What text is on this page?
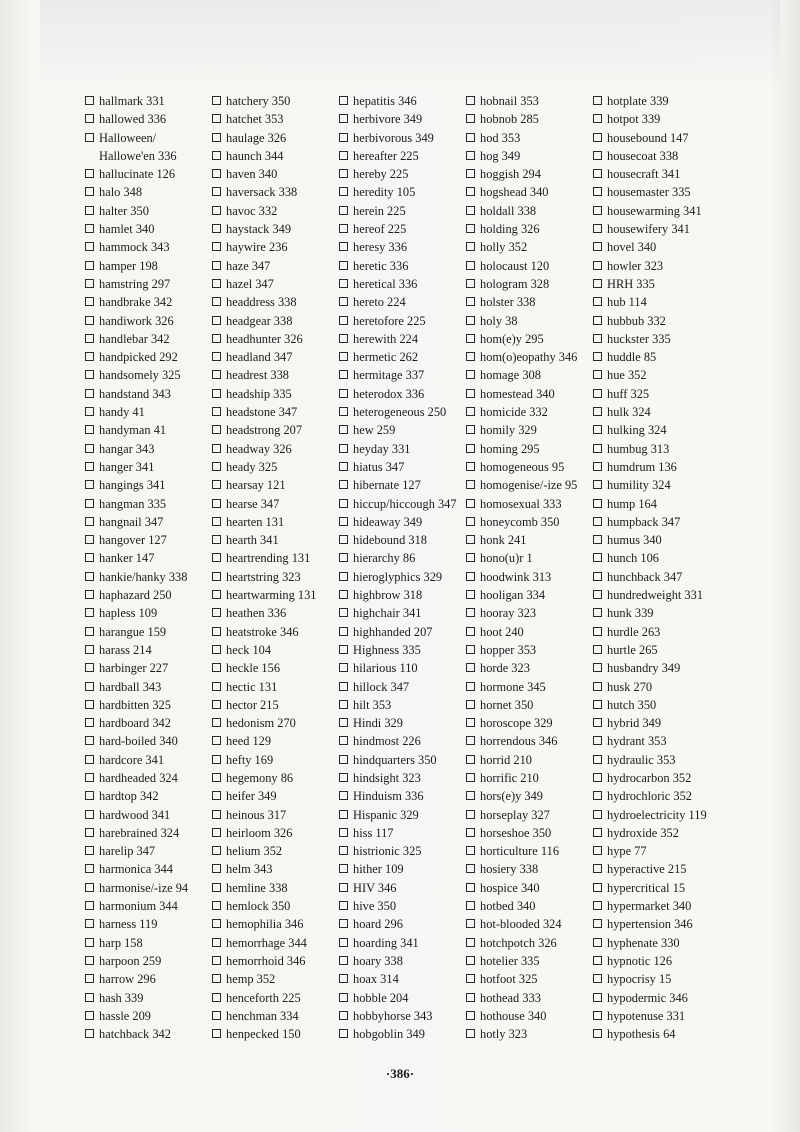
hallmark 331
hallowed 336
Halloween/
Hallowe'en 336
hallucinate 126
halo 348
halter 350
hamlet 340
hammock 343
hamper 198
hamstring 297
handbrake 342
handiwork 326
handlebar 342
handpicked 292
handsomely 325
handstand 343
handy 41
handyman 41
hangar 343
hanger 341
hangings 341
hangman 335
hangnail 347
hangover 127
hanker 147
hankie/hanky 338
haphazard 250
hapless 109
harangue 159
harass 214
harbinger 227
hardball 343
hardbitten 325
hardboard 342
hard-boiled 340
hardcore 341
hardheaded 324
hardtop 342
hardwood 341
harebrained 324
harelip 347
harmonica 344
harmonise/-ize 94
harmonium 344
harness 119
harp 158
harpoon 259
harrow 296
hash 339
hassle 209
hatchback 342
hatchery 350
hatchet 353
haulage 326
haunch 344
haven 340
haversack 338
havoc 332
haystack 349
haywire 236
haze 347
hazel 347
headdress 338
headgear 338
headhunter 326
headland 347
headrest 338
headship 335
headstone 347
headstrong 207
headway 326
heady 325
hearsay 121
hearse 347
hearten 131
hearth 341
heartrending 131
heartstring 323
heartwarming 131
heathen 336
heatstroke 346
heck 104
heckle 156
hectic 131
hector 215
hedonism 270
heed 129
hefty 169
hegemony 86
heifer 349
heinous 317
heirloom 326
helium 352
helm 343
hemline 338
hemlock 350
hemophilia 346
hemorrhage 344
hemorrhoid 346
hemp 352
henceforth 225
henchman 334
henpecked 150
hepatitis 346
herbivore 349
herbivorous 349
hereafter 225
hereby 225
heredity 105
herein 225
hereof 225
heresy 336
heretic 336
heretical 336
hereto 224
heretofore 225
herewith 224
hermetic 262
hermitage 337
heterodox 336
heterogeneous 250
hew 259
heyday 331
hiatus 347
hibernate 127
hiccup/hiccough 347
hideaway 349
hidebound 318
hierarchy 86
hieroglyphics 329
highbrow 318
highchair 341
highhanded 207
Highness 335
hilarious 110
hillock 347
hilt 353
Hindi 329
hindmost 226
hindquarters 350
hindsight 323
Hinduism 336
Hispanic 329
hiss 117
histrionic 325
hither 109
HIV 346
hive 350
hoard 296
hoarding 341
hoary 338
hoax 314
hobble 204
hobbyhorse 343
hobgoblin 349
hobnail 353
hobnob 285
hod 353
hog 349
hoggish 294
hogshead 340
holdall 338
holding 326
holly 352
holocaust 120
hologram 328
holster 338
holy 38
hom(e)y 295
hom(o)eopathy 346
homage 308
homestead 340
homicide 332
homily 329
homing 295
homogeneous 95
homogenise/-ize 95
homosexual 333
honeycomb 350
honk 241
hono(u)r 1
hoodwink 313
hooligan 334
hooray 323
hoot 240
hopper 353
horde 323
hormone 345
hornet 350
horoscope 329
horrendous 346
horrid 210
horrific 210
hors(e)y 349
horseplay 327
horseshoe 350
horticulture 116
hosiery 338
hospice 340
hotbed 340
hot-blooded 324
hotchpotch 326
hotelier 335
hotfoot 325
hothead 333
hothouse 340
hotly 323
hotplate 339
hotpot 339
housebound 147
housecoat 338
housecraft 341
housemaster 335
housewarming 341
housewifery 341
hovel 340
howler 323
HRH 335
hub 114
hubbub 332
huckster 335
huddle 85
hue 352
huff 325
hulk 324
hulking 324
humbug 313
humdrum 136
humility 324
hump 164
humpback 347
humus 340
hunch 106
hunchback 347
hundredweight 331
hunk 339
hurdle 263
hurtle 265
husbandry 349
husk 270
hutch 350
hybrid 349
hydrant 353
hydraulic 353
hydrocarbon 352
hydrochloric 352
hydroelectricity 119
hydroxide 352
hype 77
hyperactive 215
hypercritical 15
hypermarket 340
hypertension 346
hyphenate 330
hypnotic 126
hypocrisy 15
hypodermic 346
hypotenuse 331
hypothesis 64
·386·
